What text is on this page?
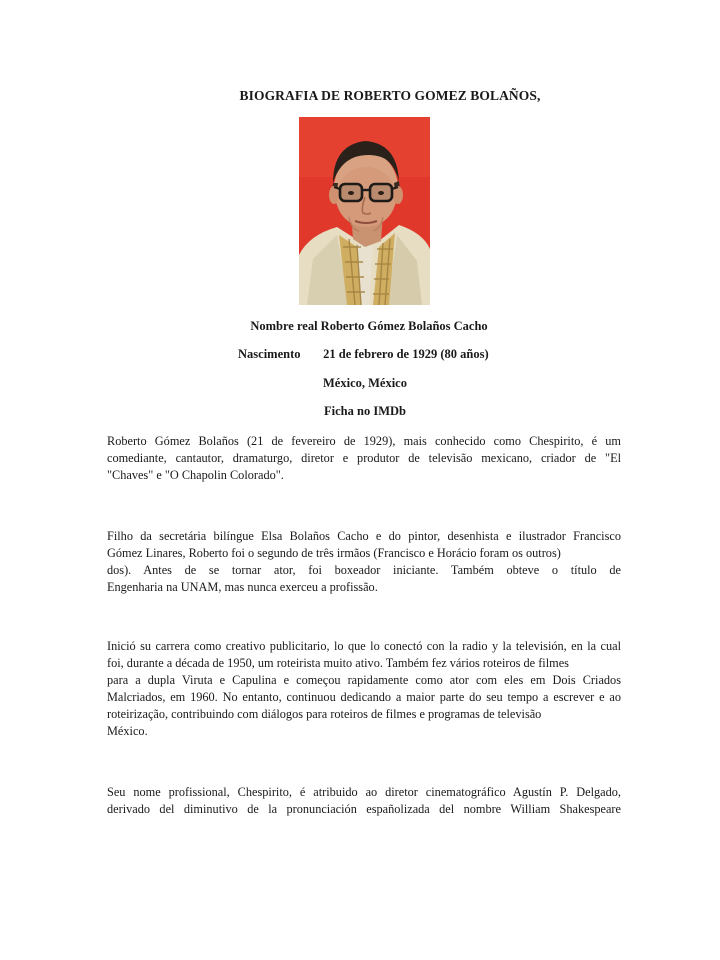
BIOGRAFIA DE ROBERTO GOMEZ BOLAÑOS,
Nombre real Roberto Gómez Bolaños Cacho
Nascimento 21 de febrero de 1929 (80 años)
México, México
Ficha no IMDb
Roberto Gómez Bolaños (21 de fevereiro de 1929), mais conhecido como Chespirito, é um
comediante, cantautor, dramaturgo, diretor e produtor de televisão mexicano, criador de "El
"Chaves" e "O Chapolin Colorado".
Filho da secretária bilíngue Elsa Bolaños Cacho e do pintor, desenhista e ilustrador Francisco
Gómez Linares, Roberto foi o segundo de três irmãos (Francisco e Horácio foram os outros)
dos). Antes de se tornar ator, foi boxeador iniciante. Também obteve o título de
Engenharia na UNAM, mas nunca exerceu a profissão.
Inició su carrera como creativo publicitario, lo que lo conectó con la radio y la televisión, en la cual
foi, durante a década de 1950, um roteirista muito ativo. Também fez vários roteiros de filmes
para a dupla Viruta e Capulina e começou rapidamente como ator com eles em Dois Criados
Malcriados, em 1960. No entanto, continuou dedicando a maior parte do seu tempo a escrever e ao
roteirização, contribuindo com diálogos para roteiros de filmes e programas de televisão
México.
Seu nome profissional, Chespirito, é atribuido ao diretor cinematográfico Agustín P. Delgado,
derivado del diminutivo de la pronunciación españolizada del nombre William Shakespeare
